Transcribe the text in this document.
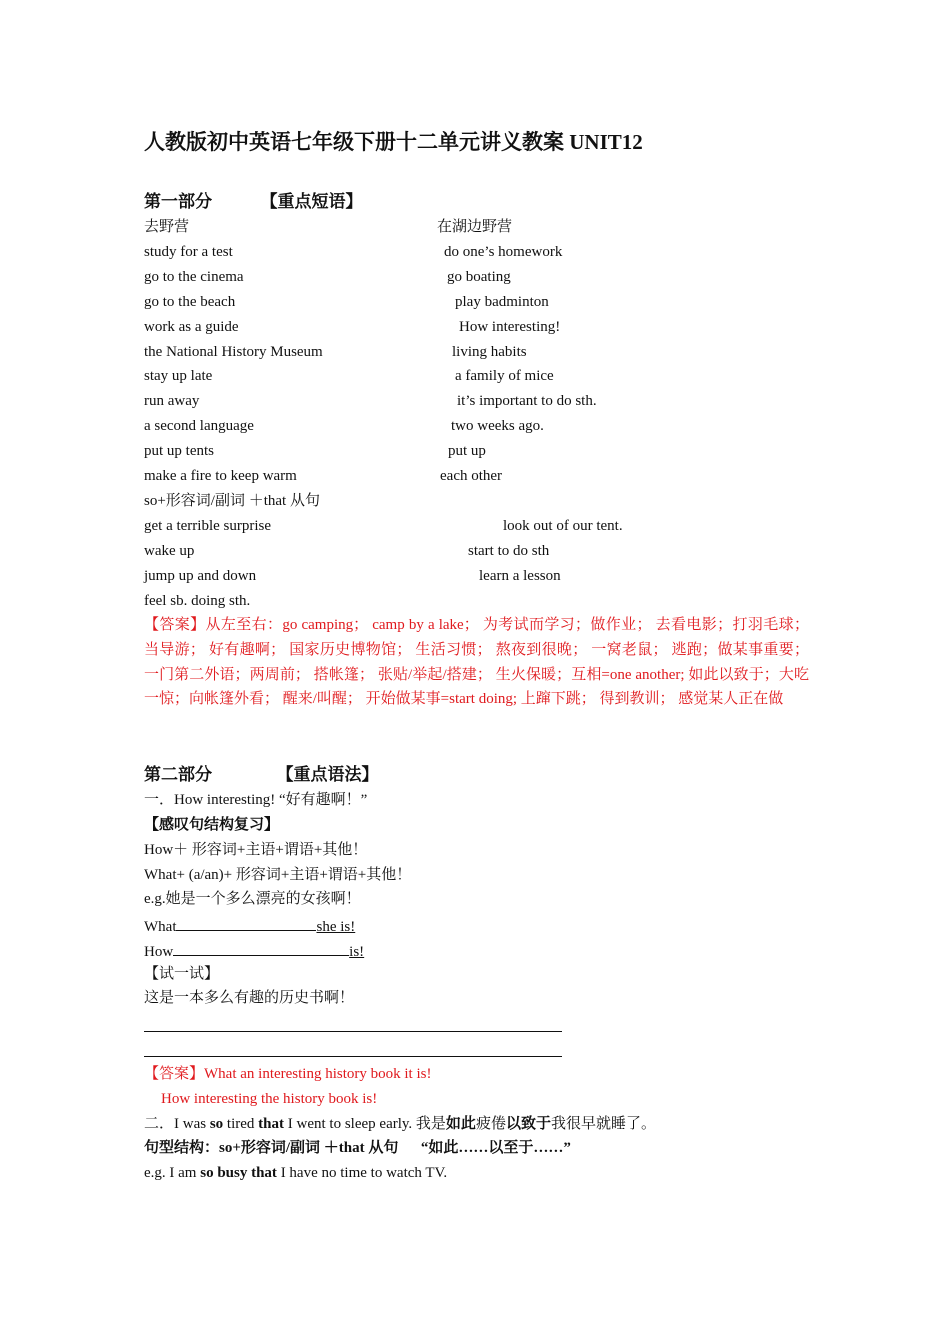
人教版初中英语七年级下册十二单元讲义教案 UNIT12
第一部分	【重点短语】
去野营	在湖边野营
study for a test	do one’s homework
go to the cinema	go boating
go to the beach	play badminton
work as a guide	How interesting!
the National History Museum	living habits
stay up late	a family of mice
run away	it’s important to do sth.
a second language	two weeks ago.
put up tents	put up
make a fire to keep warm	each other
so+形容词/副词 ＋that 从句
get a terrible surprise	look out of our tent.
wake up	start to do sth
jump up and down	learn a lesson
feel sb. doing sth.
【答案】从左至右：go camping； camp by a lake； 为考试而学习；做作业； 去看电影；打羽毛球； 当导游； 好有趣啊； 国家历史博物馆； 生活习惯； 熬夜到很晚； 一窝老鼠； 逃跑；做某事重要；一门第二外语；两周前； 搭帐篷； 张贴/举起/搭建； 生火保暖；互相=one another; 如此以致于；大吃一惊；向帐篷外看； 醒来/叫醒； 开始做某事=start doing; 上蹿下跳； 得到教训； 感觉某人正在做
第二部分	【重点语法】
一．How interesting! “好有趣啊！”
【感叹句结构复习】
How＋ 形容词+主语+谓语+其他！
What+ (a/an)+ 形容词+主语+谓语+其他！
e.g.她是一个多么漂亮的女孩啊！
What	she is!
How	is!
【试一试】
这是一本多么有趣的历史书啊！
【答案】What an interesting history book it is!
How interesting the history book is!
二．I was so tired that I went to sleep early. 我是如此疲倦以致于我很早就睡了。
句型结构：so+形容词/副词 ＋that 从句      “如此……以至于……”
e.g. I am so busy that I have no time to watch TV.
